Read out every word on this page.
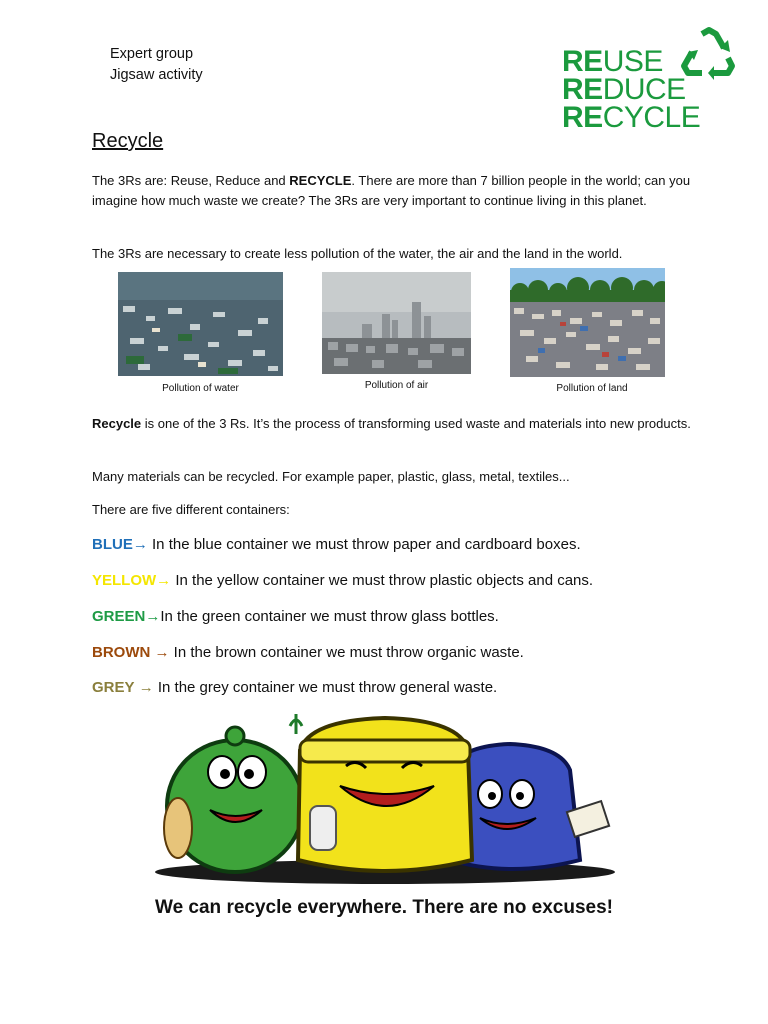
Expert group
Jigsaw activity	REUSE
REDUCE
RECYCLE
Recycle
The 3Rs are: Reuse, Reduce and RECYCLE. There are more than 7 billion people in the world; can you imagine how much waste we create? The 3Rs are very important to continue living in this planet.
The 3Rs are necessary to create less pollution of the water, the air and the land in the world.
Pollution of water	Pollution of air	Pollution of land
Recycle is one of the 3 Rs. It’s the process of transforming used waste and materials into new products.
Many materials can be recycled. For example paper, plastic, glass, metal, textiles...
There are five different containers:
BLUE→ In the blue container we must throw paper and cardboard boxes.
YELLOW→ In the yellow container we must throw plastic objects and cans.
GREEN→In the green container we must throw glass bottles.
BROWN → In the brown container we must throw organic waste.
GREY → In the grey container we must throw general waste.
We can recycle everywhere. There are no excuses!
